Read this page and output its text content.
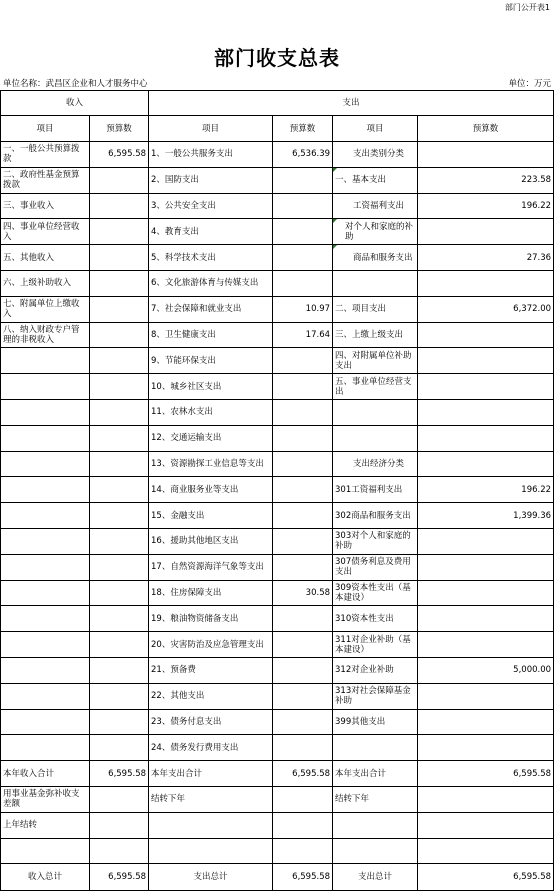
部门公开表1
部门收支总表
单位名称：武昌区企业和人才服务中心	单位：万元
收入		支出			
项目	预算数	项目	预算数	项目	预算数
一、一般公共预算拨款	6,595.58	1、一般公共服务支出	6,536.39	支出类别分类	
二、政府性基金预算拨款		2、国防支出		一、基本支出	223.58
三、事业收入		3、公共安全支出		工资福利支出	196.22
四、事业单位经营收入		4、教育支出		对个人和家庭的补助	
五、其他收入		5、科学技术支出		商品和服务支出	27.36
六、上级补助收入		6、文化旅游体育与传媒支出			
七、附属单位上缴收入		7、社会保障和就业支出	10.97	二、项目支出	6,372.00
八、纳入财政专户管理的非税收入		8、卫生健康支出	17.64	三、上缴上级支出	
		9、节能环保支出		四、对附属单位补助支出	
		10、城乡社区支出		五、事业单位经营支出	
		11、农林水支出			
		12、交通运输支出			
		13、资源勘探工业信息等支出		支出经济分类	
		14、商业服务业等支出		301工资福利支出	196.22
		15、金融支出		302商品和服务支出	1,399.36
		16、援助其他地区支出		303对个人和家庭的补助	
		17、自然资源海洋气象等支出		307债务利息及费用支出	
		18、住房保障支出	30.58	309资本性支出（基本建设）	
		19、粮油物资储备支出		310资本性支出	
		20、灾害防治及应急管理支出		311对企业补助（基本建设）	
		21、预备费		312对企业补助	5,000.00
		22、其他支出		313对社会保障基金补助	
		23、债务付息支出		399其他支出	
		24、债务发行费用支出			
本年收入合计	6,595.58	本年支出合计	6,595.58	本年支出合计	6,595.58
用事业基金弥补收支差额		结转下年		结转下年	
上年结转					

收入总计	6,595.58	支出总计	6,595.58	支出总计	6,595.58
